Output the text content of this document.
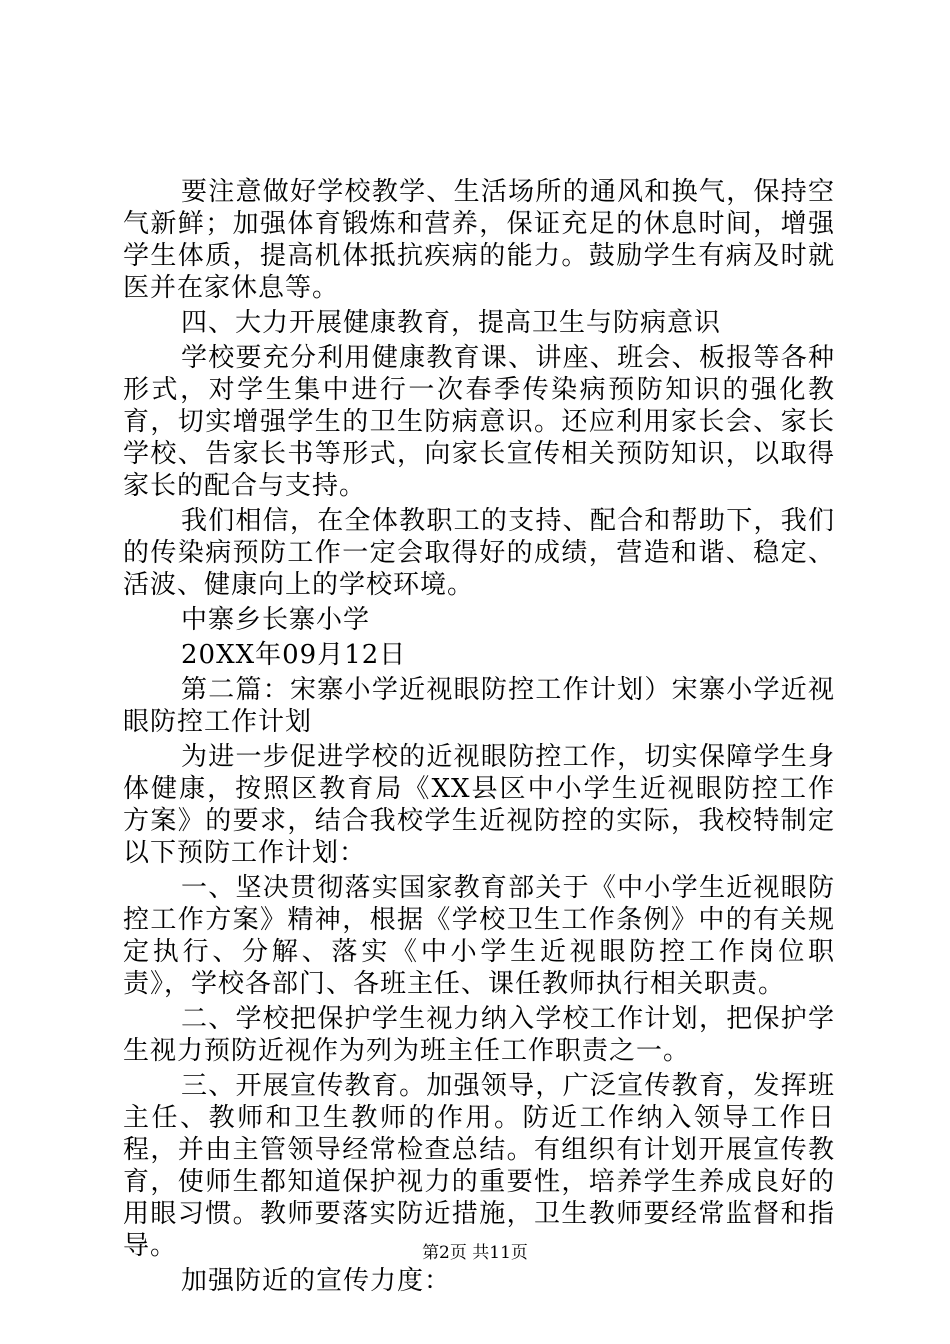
要注意做好学校教学、生活场所的通风和换气，保持空气新鲜；加强体育锻炼和营养，保证充足的休息时间，增强学生体质，提高机体抵抗疾病的能力。鼓励学生有病及时就医并在家休息等。

四、大力开展健康教育，提高卫生与防病意识

学校要充分利用健康教育课、讲座、班会、板报等各种形式，对学生集中进行一次春季传染病预防知识的强化教育，切实增强学生的卫生防病意识。还应利用家长会、家长学校、告家长书等形式，向家长宣传相关预防知识，以取得家长的配合与支持。

我们相信，在全体教职工的支持、配合和帮助下，我们的传染病预防工作一定会取得好的成绩，营造和谐、稳定、活波、健康向上的学校环境。

中寨乡长寨小学

20XX年09月12日

第二篇：宋寨小学近视眼防控工作计划）宋寨小学近视眼防控工作计划

为进一步促进学校的近视眼防控工作，切实保障学生身体健康，按照区教育局《XX县区中小学生近视眼防控工作方案》的要求，结合我校学生近视防控的实际，我校特制定以下预防工作计划：

一、坚决贯彻落实国家教育部关于《中小学生近视眼防控工作方案》精神，根据《学校卫生工作条例》中的有关规定执行、分解、落实《中小学生近视眼防控工作岗位职责》，学校各部门、各班主任、课任教师执行相关职责。

二、学校把保护学生视力纳入学校工作计划，把保护学生视力预防近视作为列为班主任工作职责之一。

三、开展宣传教育。加强领导，广泛宣传教育，发挥班主任、教师和卫生教师的作用。防近工作纳入领导工作日程，并由主管领导经常检查总结。有组织有计划开展宣传教育，使师生都知道保护视力的重要性，培养学生养成良好的用眼习惯。教师要落实防近措施，卫生教师要经常监督和指导。

加强防近的宣传力度：

第2页 共11页
